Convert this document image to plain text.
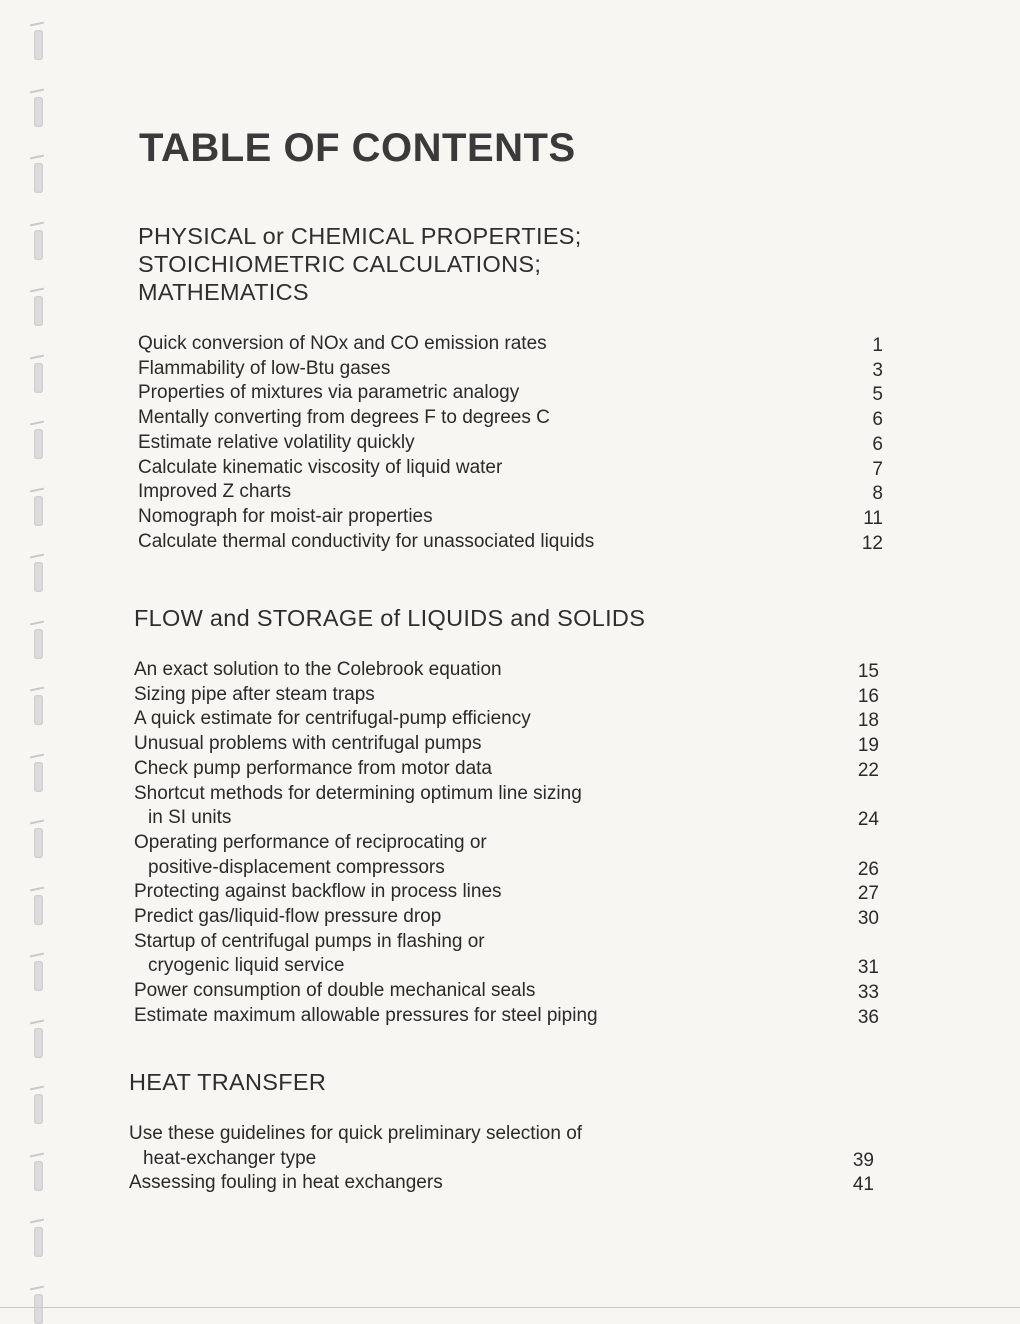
TABLE OF CONTENTS
PHYSICAL or CHEMICAL PROPERTIES;
STOICHIOMETRIC CALCULATIONS;
MATHEMATICS
Quick conversion of NOx and CO emission rates	1
Flammability of low-Btu gases	3
Properties of mixtures via parametric analogy	5
Mentally converting from degrees F to degrees C	6
Estimate relative volatility quickly	6
Calculate kinematic viscosity of liquid water	7
Improved Z charts	8
Nomograph for moist-air properties	11
Calculate thermal conductivity for unassociated liquids	12
FLOW and STORAGE of LIQUIDS and SOLIDS
An exact solution to the Colebrook equation	15
Sizing pipe after steam traps	16
A quick estimate for centrifugal-pump efficiency	18
Unusual problems with centrifugal pumps	19
Check pump performance from motor data	22
Shortcut methods for determining optimum line sizing
in SI units	24
Operating performance of reciprocating or
positive-displacement compressors	26
Protecting against backflow in process lines	27
Predict gas/liquid-flow pressure drop	30
Startup of centrifugal pumps in flashing or
cryogenic liquid service	31
Power consumption of double mechanical seals	33
Estimate maximum allowable pressures for steel piping	36
HEAT TRANSFER
Use these guidelines for quick preliminary selection of
heat-exchanger type	39
Assessing fouling in heat exchangers	41
